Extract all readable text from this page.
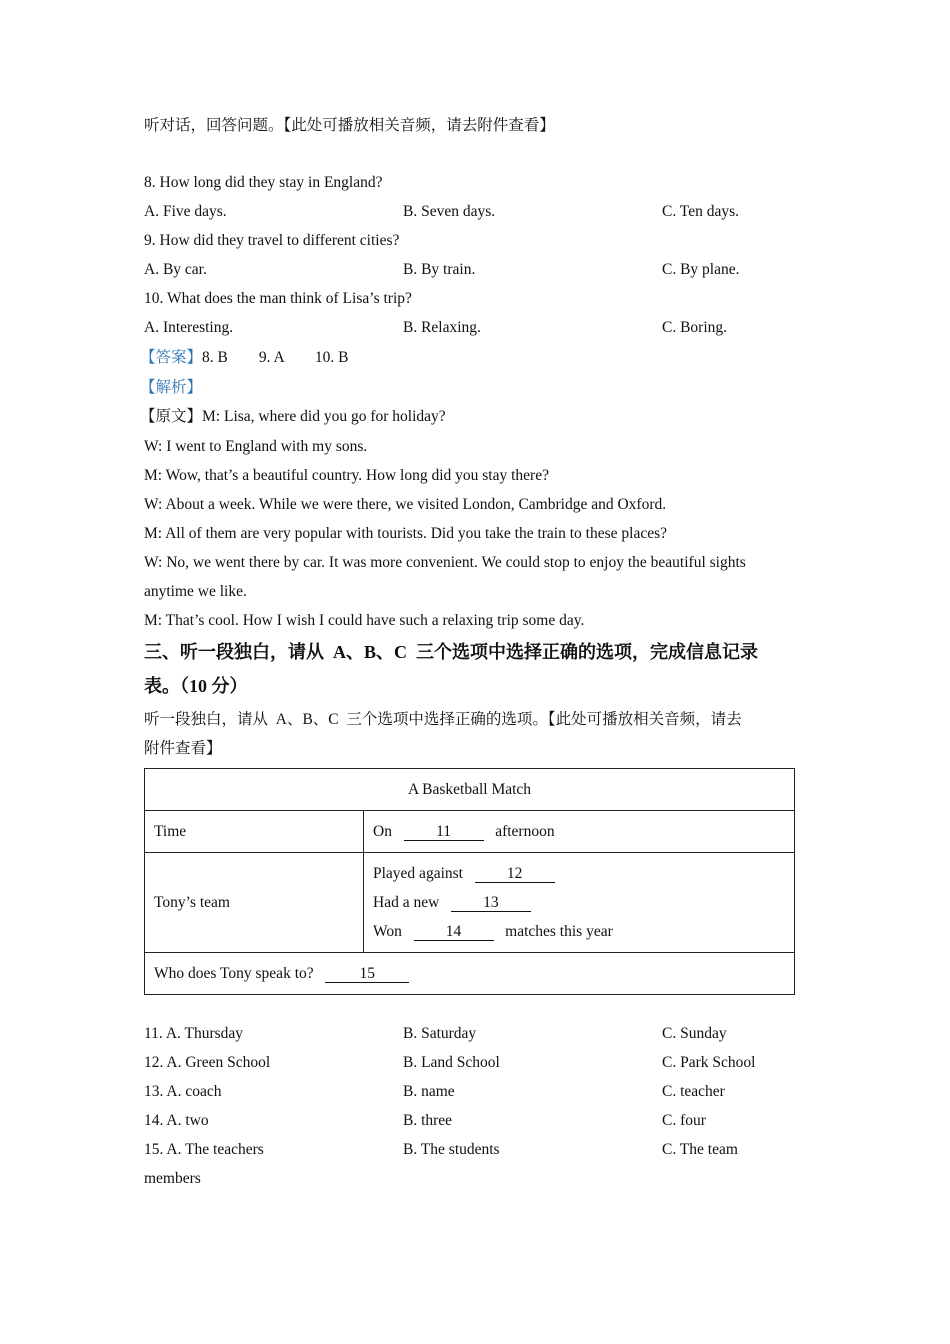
听对话，回答问题。【此处可播放相关音频，请去附件查看】
8. How long did they stay in England?
A. Five days.	B. Seven days.	C. Ten days.
9. How did they travel to different cities?
A. By car.	B. By train.	C. By plane.
10. What does the man think of Lisa’s trip?
A. Interesting.	B. Relaxing.	C. Boring.
【答案】8. B        9. A        10. B
【解析】
【原文】M: Lisa, where did you go for holiday?
W: I went to England with my sons.
M: Wow, that’s a beautiful country. How long did you stay there?
W: About a week. While we were there, we visited London, Cambridge and Oxford.
M: All of them are very popular with tourists. Did you take the train to these places?
W: No, we went there by car. It was more convenient. We could stop to enjoy the beautiful sights
anytime we like.
M: That’s cool. How I wish I could have such a relaxing trip some day.
三、听一段独白，请从  A、B、C  三个选项中选择正确的选项，完成信息记录
表。（10 分）
听一段独白，请从  A、B、C  三个选项中选择正确的选项。【此处可播放相关音频，请去
附件查看】
A Basketball Match	
Time	On 11 afternoon
Tony’s team	Played against 12
Had a new 13
Won 14 matches this year

Who does Tony speak to? 15	
11. A. Thursday	B. Saturday	C. Sunday
12. A. Green School	B. Land School	C. Park School
13. A. coach	B. name	C. teacher
14. A. two	B. three	C. four
15. A. The teachers	B. The students	C. The team
members
